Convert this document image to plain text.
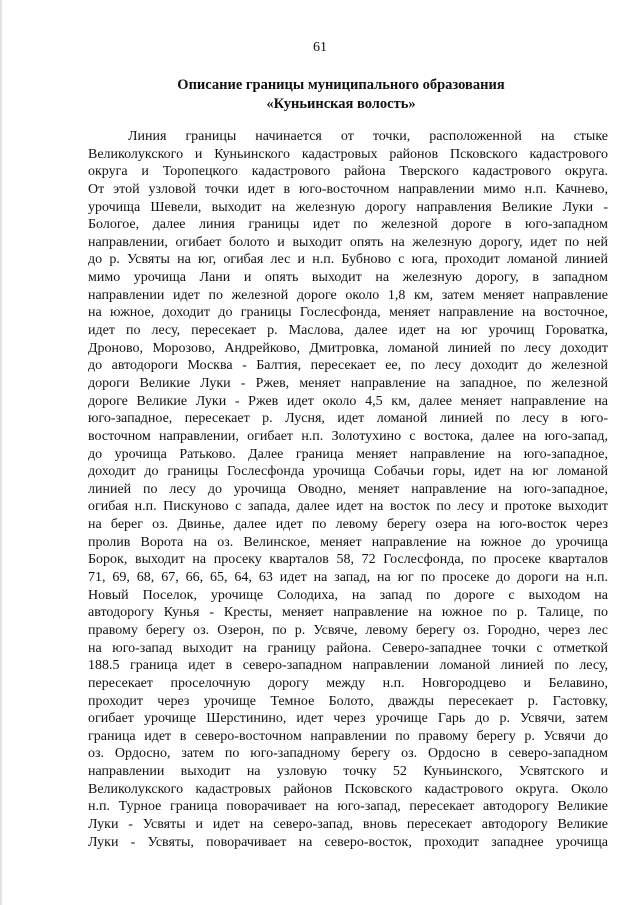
61
Описание границы муниципального образования
«Куньинская волость»
Линия границы начинается от точки, расположенной на стыке
Великолукского и Куньинского кадастровых районов Псковского кадастрового
округа и Торопецкого кадастрового района Тверского кадастрового округа.
От этой узловой точки идет в юго-восточном направлении мимо н.п. Качнево,
урочища Шевели, выходит на железную дорогу направления Великие Луки -
Бологое, далее линия границы идет по железной дороге в юго-западном
направлении, огибает болото и выходит опять на железную дорогу, идет по ней
до р. Усвяты на юг, огибая лес и н.п. Бубново с юга, проходит ломаной линией
мимо урочища Лани и опять выходит на железную дорогу, в западном
направлении идет по железной дороге около 1,8 км, затем меняет направление
на южное, доходит до границы Гослесфонда, меняет направление на восточное,
идет по лесу, пересекает р. Маслова, далее идет на юг урочищ Горoватка,
Дроново, Морозово, Андрейково, Дмитровка, ломаной линией по лесу доходит
до автодороги Москва - Балтия, пересекает ее, по лесу доходит до железной
дороги Великие Луки - Ржев, меняет направление на западное, по железной
дороге Великие Луки - Ржев идет около 4,5 км, далее меняет направление на
юго-западное, пересекает р. Лусня, идет ломаной линией по лесу в юго-
восточном направлении, огибает н.п. Золотухино с востока, далее на юго-запад,
до урочища Ратьково. Далее граница меняет направление на юго-западное,
доходит до границы Гослесфонда урочища Собачьи горы, идет на юг ломаной
линией по лесу до урочища Оводно, меняет направление на юго-западное,
огибая н.п. Пискуново с запада, далее идет на восток по лесу и протоке выходит
на берег оз. Двинье, далее идет по левому берегу озера на юго-восток через
пролив Ворота на оз. Велинское, меняет направление на южное до урочища
Борок, выходит на просеку кварталов 58, 72 Гослесфонда, по просеке кварталов
71, 69, 68, 67, 66, 65, 64, 63 идет на запад, на юг по просеке до дороги на н.п.
Новый Поселок, урочище Солодиха, на запад по дороге с выходом на
автодорогу Кунья - Кресты, меняет направление на южное по р. Талице, по
правому берегу оз. Озерон, по р. Усвяче, левому берегу оз. Городно, через лес
на юго-запад выходит на границу района. Северо-западнее точки с отметкой
188.5 граница идет в северо-западном направлении ломаной линией по лесу,
пересекает проселочную дорогу между н.п. Новгородцево и Белавино,
проходит через урочище Темное Болото, дважды пересекает р. Гастовку,
огибает урочище Шерстинино, идет через урочище Гарь до р. Усвячи, затем
граница идет в северо-восточном направлении по правому берегу р. Усвячи до
оз. Ордосно, затем по юго-западному берегу оз. Ордосно в северо-западном
направлении выходит на узловую точку 52 Куньинского, Усвятского и
Великолукского кадастровых районов Псковского кадастрового округа. Около
н.п. Турное граница поворачивает на юго-запад, пересекает автодорогу Великие
Луки - Усвяты и идет на северо-запад, вновь пересекает автодорогу Великие
Луки - Усвяты, поворачивает на северо-восток, проходит западнее урочища
